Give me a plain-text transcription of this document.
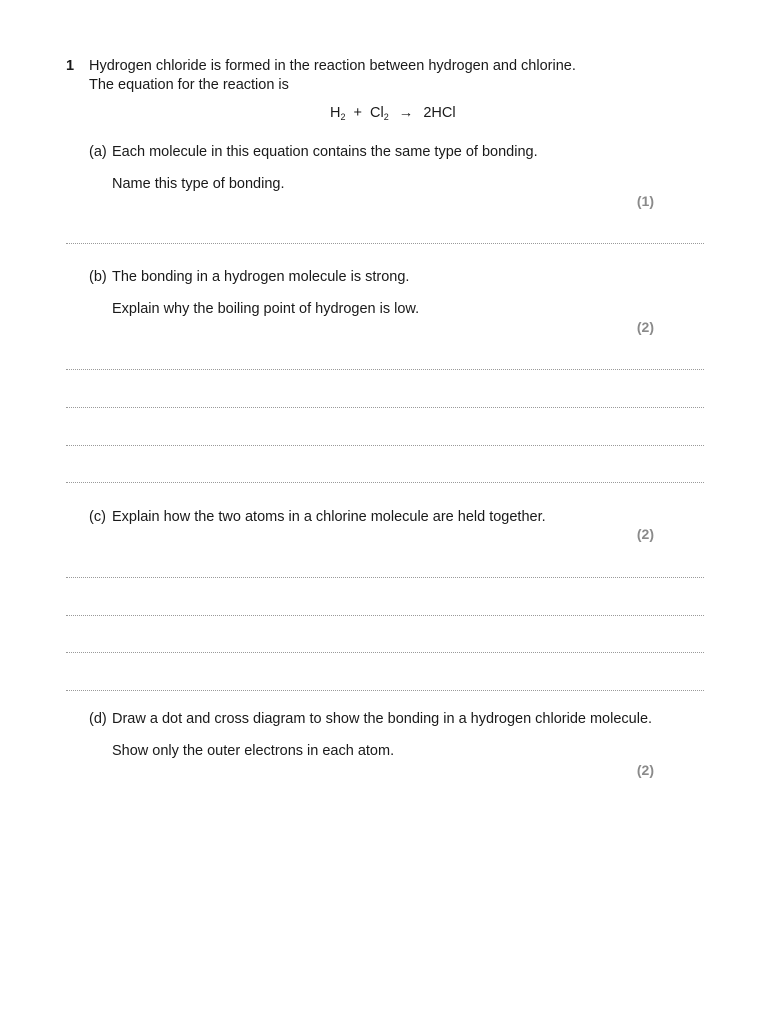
1 Hydrogen chloride is formed in the reaction between hydrogen and chlorine.
The equation for the reaction is
$H_2 + Cl_2 \to 2HCl$
(a) Each molecule in this equation contains the same type of bonding.
Name this type of bonding.
(1)
(b) The bonding in a hydrogen molecule is strong.
Explain why the boiling point of hydrogen is low.
(2)
(c) Explain how the two atoms in a chlorine molecule are held together.
(2)
(d) Draw a dot and cross diagram to show the bonding in a hydrogen chloride molecule.
Show only the outer electrons in each atom.
(2)
